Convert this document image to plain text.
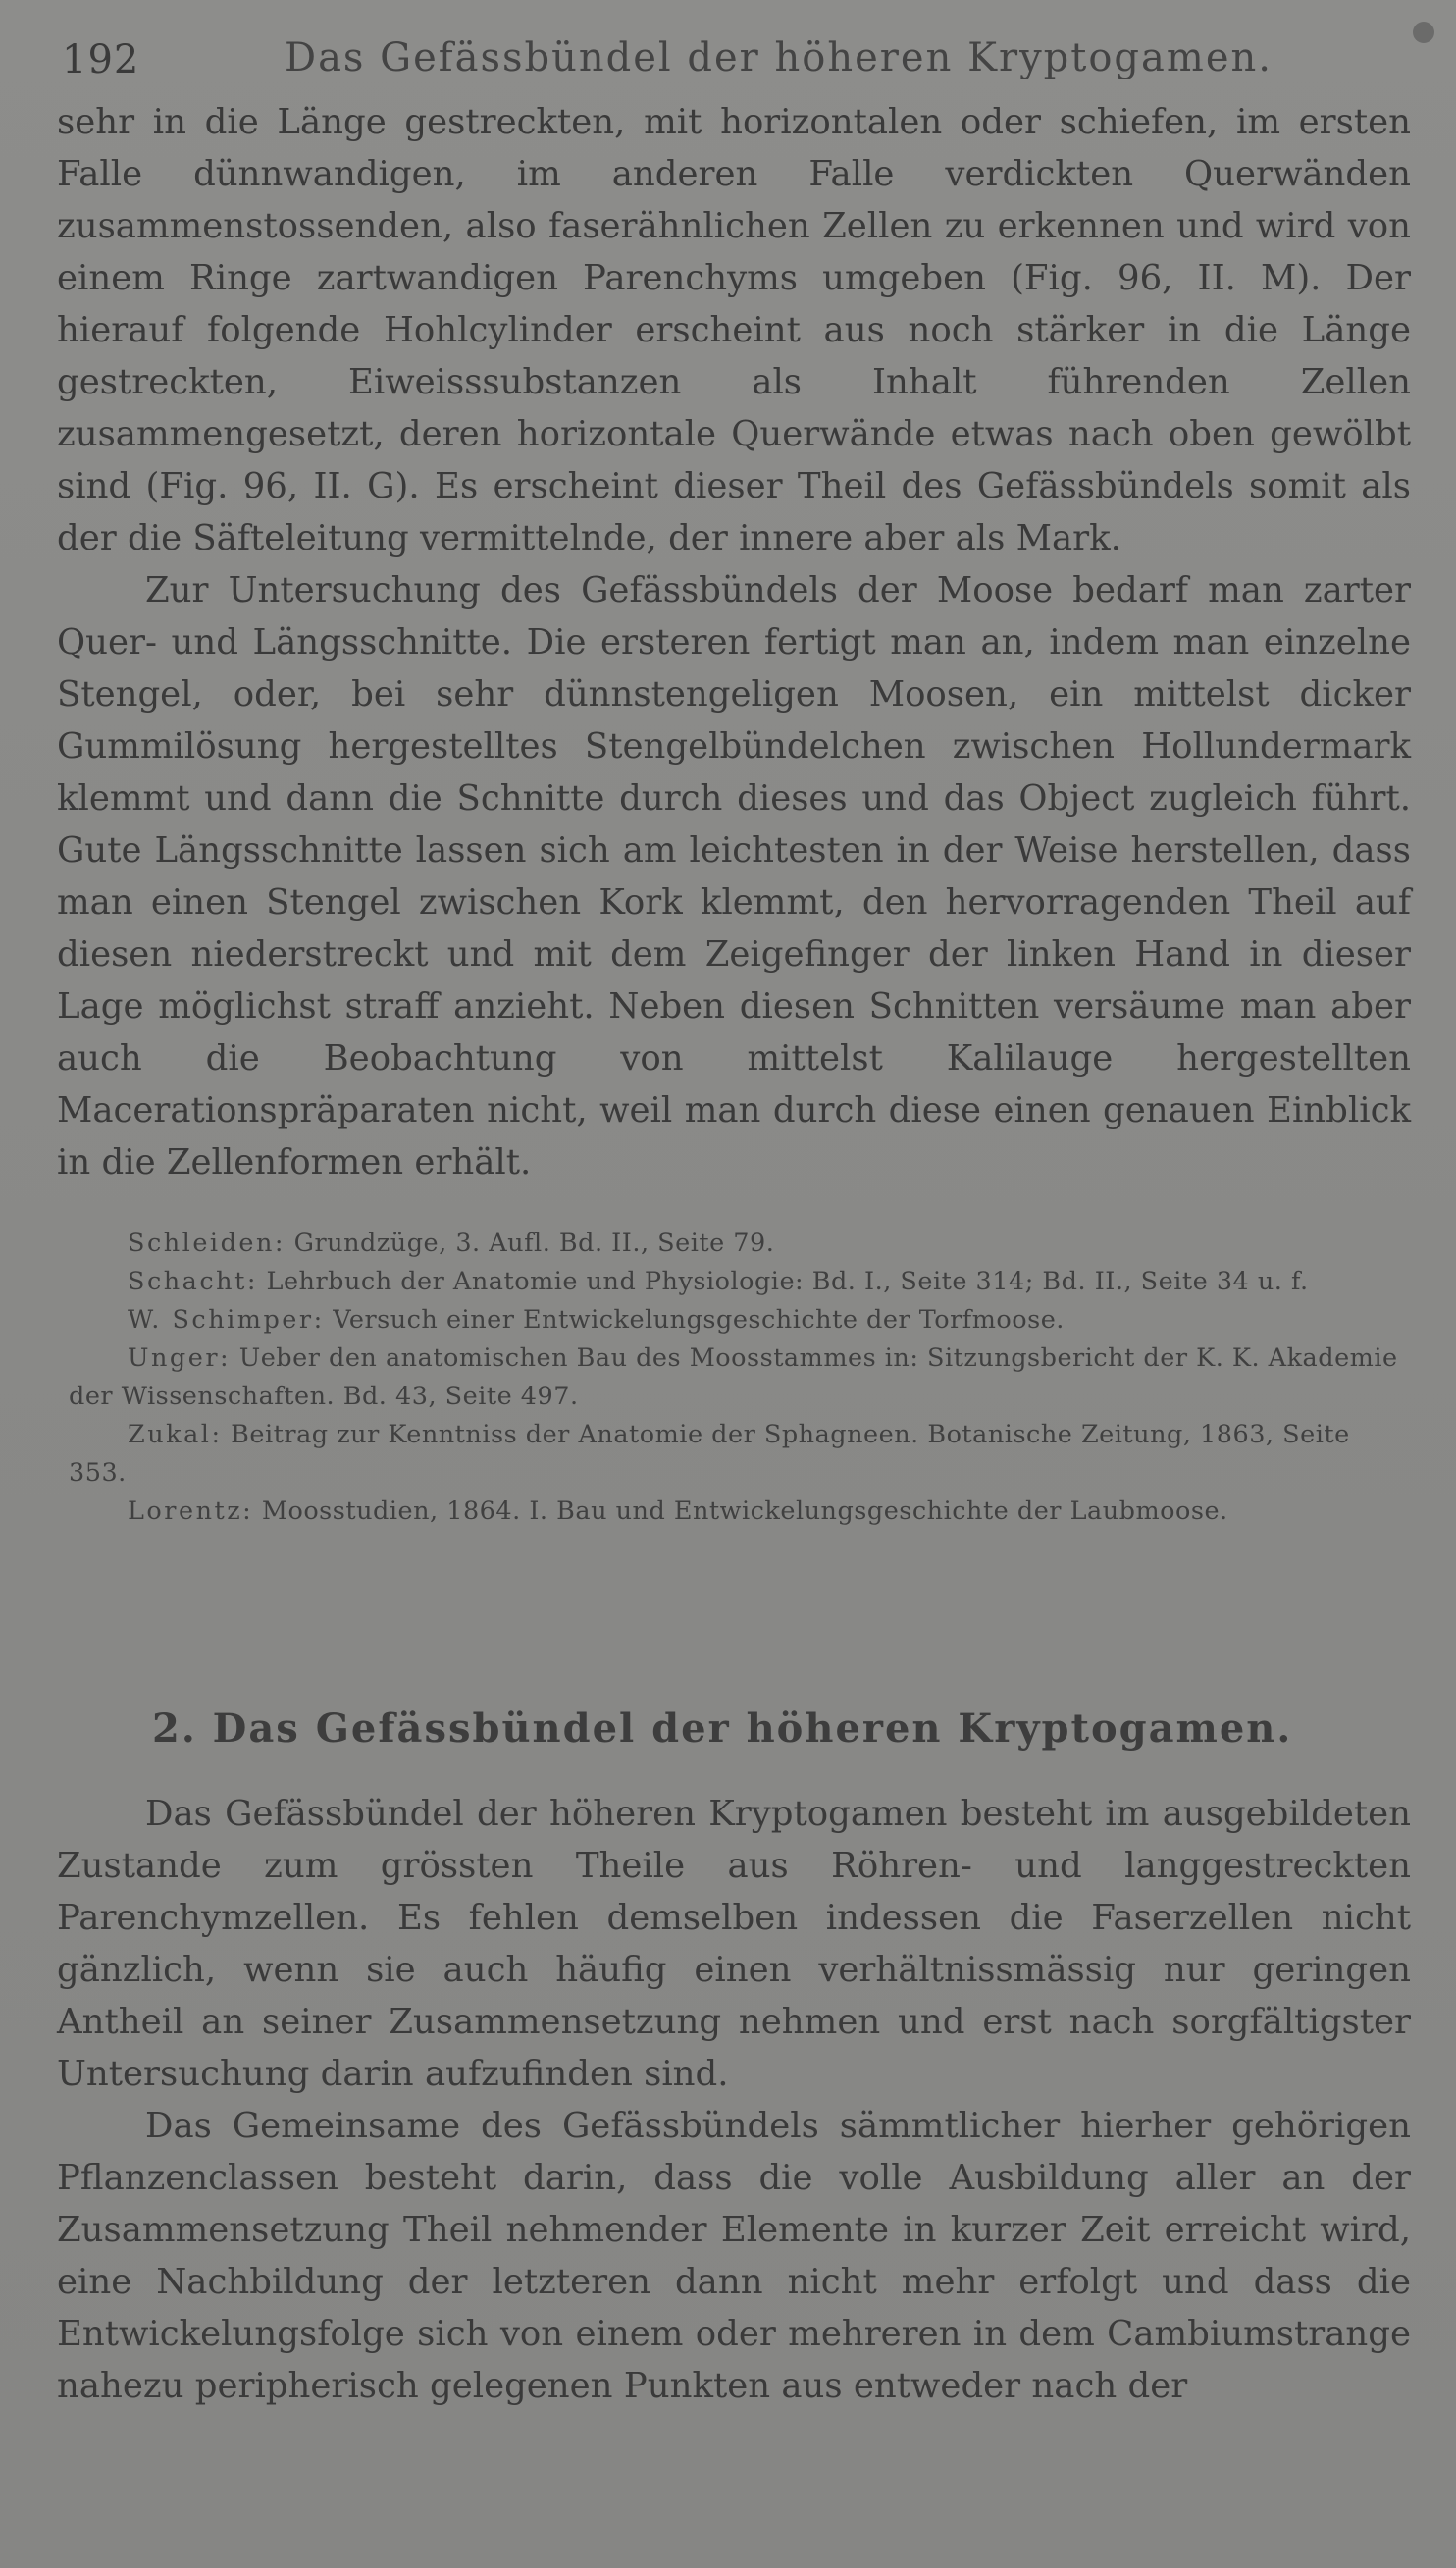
192	Das Gefässbündel der höheren Kryptogamen.

sehr in die Länge gestreckten, mit horizontalen oder schiefen, im ersten Falle dünnwandigen, im anderen Falle verdickten Querwänden zusammenstossenden, also faserähnlichen Zellen zu erkennen und wird von einem Ringe zartwandigen Parenchyms umgeben (Fig. 96, II. M). Der hierauf folgende Hohlcylinder erscheint aus noch stärker in die Länge gestreckten, Eiweisssubstanzen als Inhalt führenden Zellen zusammengesetzt, deren horizontale Querwände etwas nach oben gewölbt sind (Fig. 96, II. G). Es erscheint dieser Theil des Gefässbündels somit als der die Säfteleitung vermittelnde, der innere aber als Mark.

Zur Untersuchung des Gefässbündels der Moose bedarf man zarter Quer- und Längsschnitte. Die ersteren fertigt man an, indem man einzelne Stengel, oder, bei sehr dünnstengeligen Moosen, ein mittelst dicker Gummilösung hergestelltes Stengelbündelchen zwischen Hollundermark klemmt und dann die Schnitte durch dieses und das Object zugleich führt. Gute Längsschnitte lassen sich am leichtesten in der Weise herstellen, dass man einen Stengel zwischen Kork klemmt, den hervorragenden Theil auf diesen niederstreckt und mit dem Zeigefinger der linken Hand in dieser Lage möglichst straff anzieht. Neben diesen Schnitten versäume man aber auch die Beobachtung von mittelst Kalilauge hergestellten Macerationspräparaten nicht, weil man durch diese einen genauen Einblick in die Zellenformen erhält.

Schleiden: Grundzüge, 3. Aufl. Bd. II., Seite 79.

Schacht: Lehrbuch der Anatomie und Physiologie: Bd. I., Seite 314; Bd. II., Seite 34 u. f.

W. Schimper: Versuch einer Entwickelungsgeschichte der Torfmoose.

Unger: Ueber den anatomischen Bau des Moosstammes in: Sitzungsbericht der K. K. Akademie der Wissenschaften. Bd. 43, Seite 497.

Zukal: Beitrag zur Kenntniss der Anatomie der Sphagneen. Botanische Zeitung, 1863, Seite 353.

Lorentz: Moosstudien, 1864. I. Bau und Entwickelungsgeschichte der Laubmoose.

2. Das Gefässbündel der höheren Kryptogamen.

Das Gefässbündel der höheren Kryptogamen besteht im ausgebildeten Zustande zum grössten Theile aus Röhren- und langgestreckten Parenchymzellen. Es fehlen demselben indessen die Faserzellen nicht gänzlich, wenn sie auch häufig einen verhältnissmässig nur geringen Antheil an seiner Zusammensetzung nehmen und erst nach sorgfältigster Untersuchung darin aufzufinden sind.

Das Gemeinsame des Gefässbündels sämmtlicher hierher gehörigen Pflanzenclassen besteht darin, dass die volle Ausbildung aller an der Zusammensetzung Theil nehmender Elemente in kurzer Zeit erreicht wird, eine Nachbildung der letzteren dann nicht mehr erfolgt und dass die Entwickelungsfolge sich von einem oder mehreren in dem Cambiumstrange nahezu peripherisch gelegenen Punkten aus entweder nach der
